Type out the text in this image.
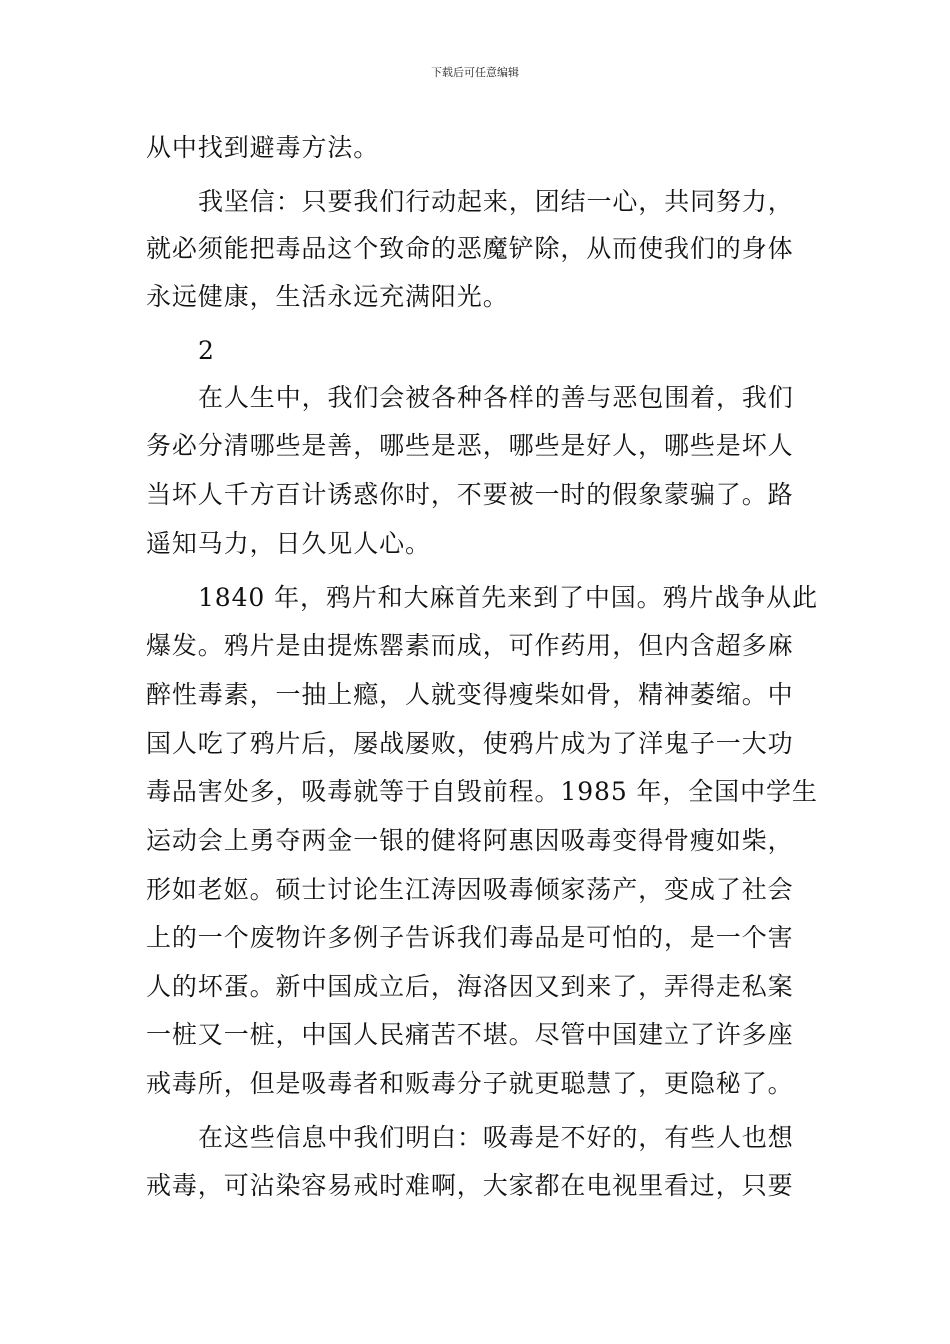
下载后可任意编辑
从中找到避毒方法。
我坚信：只要我们行动起来，团结一心，共同努力，
就必须能把毒品这个致命的恶魔铲除，从而使我们的身体
永远健康，生活永远充满阳光。
2
在人生中，我们会被各种各样的善与恶包围着，我们
务必分清哪些是善，哪些是恶，哪些是好人，哪些是坏人
当坏人千方百计诱惑你时，不要被一时的假象蒙骗了。路
遥知马力，日久见人心。
1840 年，鸦片和大麻首先来到了中国。鸦片战争从此
爆发。鸦片是由提炼罂素而成，可作药用，但内含超多麻
醉性毒素，一抽上瘾，人就变得瘦柴如骨，精神萎缩。中
国人吃了鸦片后，屡战屡败，使鸦片成为了洋鬼子一大功
毒品害处多，吸毒就等于自毁前程。1985 年，全国中学生
运动会上勇夺两金一银的健将阿惠因吸毒变得骨瘦如柴，
形如老妪。硕士讨论生江涛因吸毒倾家荡产，变成了社会
上的一个废物许多例子告诉我们毒品是可怕的，是一个害
人的坏蛋。新中国成立后，海洛因又到来了，弄得走私案
一桩又一桩，中国人民痛苦不堪。尽管中国建立了许多座
戒毒所，但是吸毒者和贩毒分子就更聪慧了，更隐秘了。
在这些信息中我们明白：吸毒是不好的，有些人也想
戒毒，可沾染容易戒时难啊，大家都在电视里看过，只要
